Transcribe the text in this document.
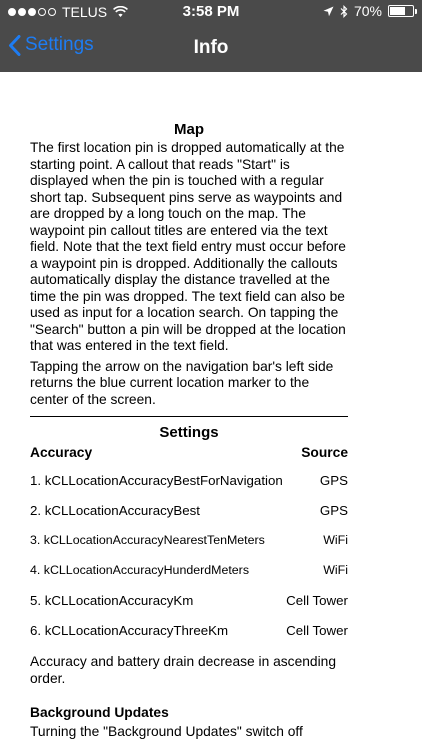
TELUS	3:58 PM	70%
Settings	Info
Map
The first location pin is dropped automatically at the starting point. A callout that reads "Start" is displayed when the pin is touched with a regular short tap. Subsequent pins serve as waypoints and are dropped by a long touch on the map. The waypoint pin callout titles are entered via the text field. Note that the text field entry must occur before a waypoint pin is dropped. Additionally the callouts automatically display the distance travelled at the time the pin was dropped. The text field can also be used as input for a location search. On tapping the "Search" button a pin will be dropped at the location that was entered in the text field.
Tapping the arrow on the navigation bar's left side returns the blue current location marker to the center of the screen.
Settings
Accuracy	Source
1. kCLLocationAccuracyBestForNavigation	GPS
2. kCLLocationAccuracyBest	GPS
3. kCLLocationAccuracyNearestTenMeters	WiFi
4. kCLLocationAccuracyHunderdMeters	WiFi
5. kCLLocationAccuracyKm	Cell Tower
6. kCLLocationAccuracyThreeKm	Cell Tower
Accuracy and battery drain decrease in ascending order.
Background Updates
Turning the "Background Updates" switch off
